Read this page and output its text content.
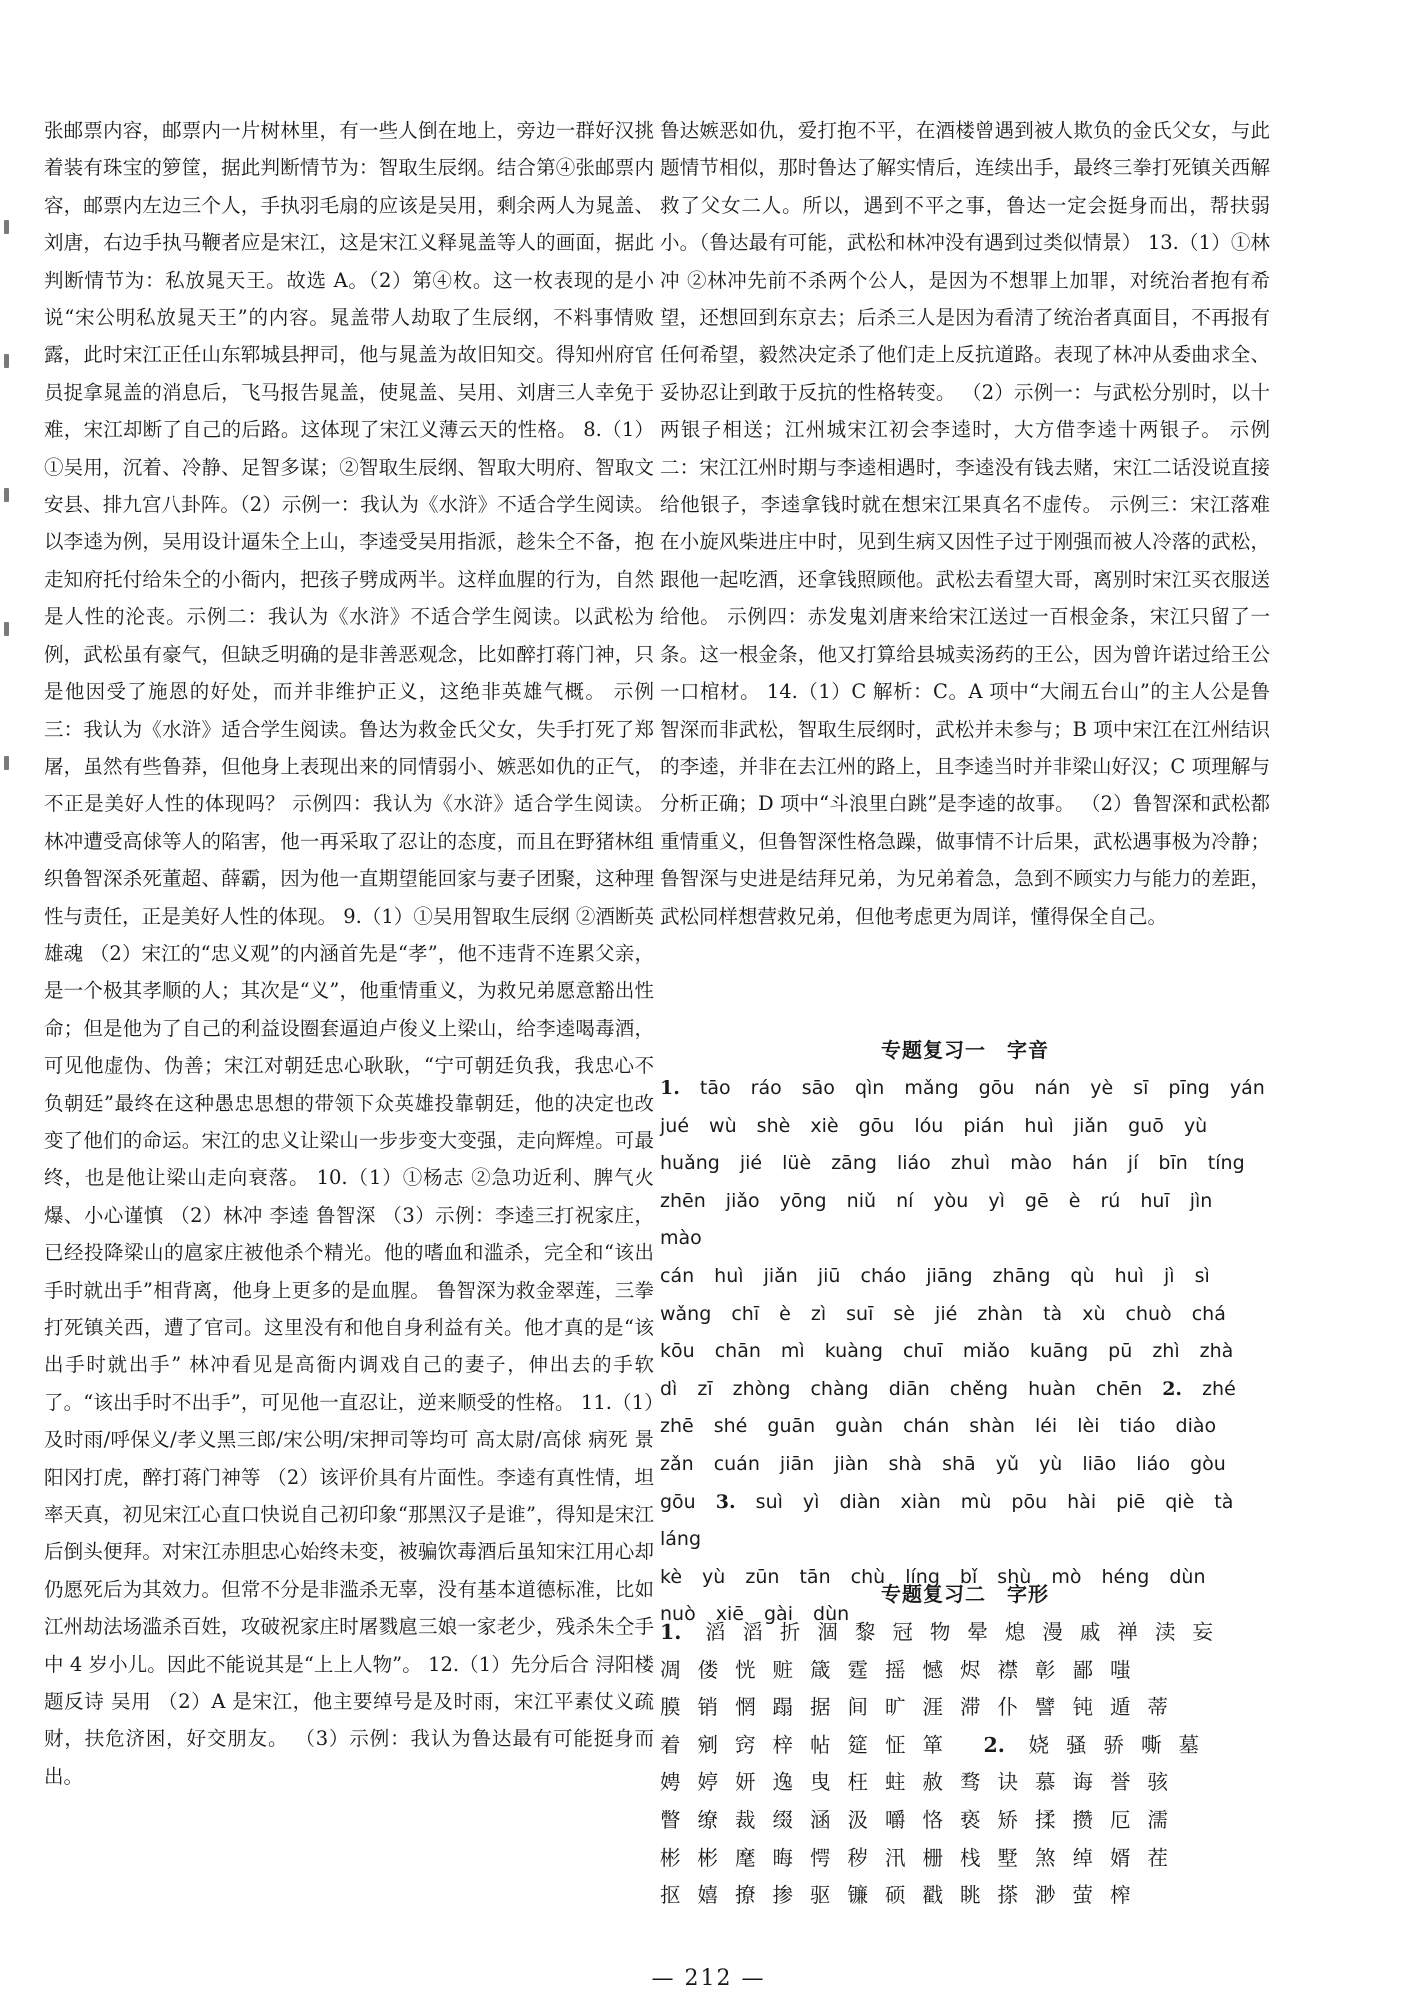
张邮票内容，邮票内一片树林里，有一些人倒在地上，旁边一群好汉挑着装有珠宝的箩筐，据此判断情节为：智取生辰纲。结合第④张邮票内容，邮票内左边三个人，手执羽毛扇的应该是吴用，剩余两人为晁盖、刘唐，右边手执马鞭者应是宋江，这是宋江义释晁盖等人的画面，据此判断情节为：私放晁天王。故选 A。（2）第④枚。这一枚表现的是小说“宋公明私放晁天王”的内容。晁盖带人劫取了生辰纲，不料事情败露，此时宋江正任山东郓城县押司，他与晁盖为故旧知交。得知州府官员捉拿晁盖的消息后，飞马报告晁盖，使晁盖、吴用、刘唐三人幸免于难，宋江却断了自己的后路。这体现了宋江义薄云天的性格。 8.（1）①吴用，沉着、冷静、足智多谋；②智取生辰纲、智取大明府、智取文安县、排九宫八卦阵。（2）示例一：我认为《水浒》不适合学生阅读。以李逵为例，吴用设计逼朱仝上山，李逵受吴用指派，趁朱仝不备，抱走知府托付给朱仝的小衙内，把孩子劈成两半。这样血腥的行为，自然是人性的沦丧。示例二：我认为《水浒》不适合学生阅读。以武松为例，武松虽有豪气，但缺乏明确的是非善恶观念，比如醉打蒋门神，只是他因受了施恩的好处，而并非维护正义，这绝非英雄气概。 示例三：我认为《水浒》适合学生阅读。鲁达为救金氏父女，失手打死了郑屠，虽然有些鲁莽，但他身上表现出来的同情弱小、嫉恶如仇的正气，不正是美好人性的体现吗？ 示例四：我认为《水浒》适合学生阅读。林冲遭受高俅等人的陷害，他一再采取了忍让的态度，而且在野猪林组织鲁智深杀死董超、薛霸，因为他一直期望能回家与妻子团聚，这种理性与责任，正是美好人性的体现。 9.（1）①吴用智取生辰纲 ②酒断英雄魂 （2）宋江的“忠义观”的内涵首先是“孝”，他不违背不连累父亲，是一个极其孝顺的人；其次是“义”，他重情重义，为救兄弟愿意豁出性命；但是他为了自己的利益设圈套逼迫卢俊义上梁山，给李逵喝毒酒，可见他虚伪、伪善；宋江对朝廷忠心耿耿，“宁可朝廷负我，我忠心不负朝廷”最终在这种愚忠思想的带领下众英雄投靠朝廷，他的决定也改变了他们的命运。宋江的忠义让梁山一步步变大变强，走向辉煌。可最终，也是他让梁山走向衰落。 10.（1）①杨志 ②急功近利、脾气火爆、小心谨慎 （2）林冲 李逵 鲁智深 （3）示例：李逵三打祝家庄，已经投降梁山的扈家庄被他杀个精光。他的嗜血和滥杀，完全和“该出手时就出手”相背离，他身上更多的是血腥。 鲁智深为救金翠莲，三拳打死镇关西，遭了官司。这里没有和他自身利益有关。他才真的是“该出手时就出手” 林冲看见是高衙内调戏自己的妻子，伸出去的手软了。“该出手时不出手”，可见他一直忍让，逆来顺受的性格。 11.（1）及时雨/呼保义/孝义黑三郎/宋公明/宋押司等均可 高太尉/高俅 病死 景阳冈打虎，醉打蒋门神等 （2）该评价具有片面性。李逵有真性情，坦率天真，初见宋江心直口快说自己初印象“那黑汉子是谁”，得知是宋江后倒头便拜。对宋江赤胆忠心始终未变，被骗饮毒酒后虽知宋江用心却仍愿死后为其效力。但常不分是非滥杀无辜，没有基本道德标准，比如江州劫法场滥杀百姓，攻破祝家庄时屠戮扈三娘一家老少，残杀朱仝手中 4 岁小儿。因此不能说其是“上上人物”。 12.（1）先分后合 浔阳楼题反诗 吴用 （2）A 是宋江，他主要绰号是及时雨，宋江平素仗义疏财，扶危济困，好交朋友。 （3）示例：我认为鲁达最有可能挺身而出。

鲁达嫉恶如仇，爱打抱不平，在酒楼曾遇到被人欺负的金氏父女，与此题情节相似，那时鲁达了解实情后，连续出手，最终三拳打死镇关西解救了父女二人。所以，遇到不平之事，鲁达一定会挺身而出，帮扶弱小。（鲁达最有可能，武松和林冲没有遇到过类似情景） 13.（1）①林冲 ②林冲先前不杀两个公人，是因为不想罪上加罪，对统治者抱有希望，还想回到东京去；后杀三人是因为看清了统治者真面目，不再报有任何希望，毅然决定杀了他们走上反抗道路。表现了林冲从委曲求全、妥协忍让到敢于反抗的性格转变。 （2）示例一：与武松分别时，以十两银子相送；江州城宋江初会李逵时，大方借李逵十两银子。 示例二：宋江江州时期与李逵相遇时，李逵没有钱去赌，宋江二话没说直接给他银子，李逵拿钱时就在想宋江果真名不虚传。 示例三：宋江落难在小旋风柴进庄中时，见到生病又因性子过于刚强而被人冷落的武松，跟他一起吃酒，还拿钱照顾他。武松去看望大哥，离别时宋江买衣服送给他。 示例四：赤发鬼刘唐来给宋江送过一百根金条，宋江只留了一条。这一根金条，他又打算给县城卖汤药的王公，因为曾许诺过给王公一口棺材。 14.（1）C 解析：C。A 项中“大闹五台山”的主人公是鲁智深而非武松，智取生辰纲时，武松并未参与；B 项中宋江在江州结识的李逵，并非在去江州的路上，且李逵当时并非梁山好汉；C 项理解与分析正确；D 项中“斗浪里白跳”是李逵的故事。 （2）鲁智深和武松都重情重义，但鲁智深性格急躁，做事情不计后果，武松遇事极为冷静；鲁智深与史进是结拜兄弟，为兄弟着急，急到不顾实力与能力的差距，武松同样想营救兄弟，但他考虑更为周详，懂得保全自己。

专题复习一　字音

1. tāo ráo sāo qìn mǎng gōu nán yè sī pīng yán

jué wù shè xiè gōu lóu pián huì jiǎn guō yù

huǎng jié lüè zāng liáo zhuì mào hán jí bīn tíng

zhēn jiǎo yōng niǔ ní yòu yì gē è rú huī jìn mào

cán huì jiǎn jiū cháo jiāng zhāng qù huì jì sì

wǎng chī è zì suī sè jié zhàn tà xù chuò chá

kōu chān mì kuàng chuī miǎo kuāng pū zhì zhà

dì zī zhòng chàng diān chěng huàn chēn 2. zhé

zhē shé guān guàn chán shàn léi lèi tiáo diào

zǎn cuán jiān jiàn shà shā yǔ yù liāo liáo gòu

gōu 3. suì yì diàn xiàn mù pōu hài piē qiè tà láng

kè yù zūn tān chù líng bǐ shù mò héng dùn

nuò xiē gài dùn

专题复习二　字形

1. 滔滔折涸黎冠物晕熄漫戚禅渎妄

凋偻恍赃箴霆摇憾烬襟彰鄙嗤

膜销惘蹋据间旷涯滞仆譬钝遁蒂

着剜窍梓帖筵怔箪 2. 娆骚骄嘶墓

娉婷妍逸曳枉蛀赦骛诀慕诲誉骇

瞥缭裁缀涵汲嚼恪亵矫揉攒厄濡

彬彬麾晦愕秽汛栅栈墅煞绰婿茬

抠嬉撩掺驱镰硕戳眺搽渺萤榨

— 212 —
